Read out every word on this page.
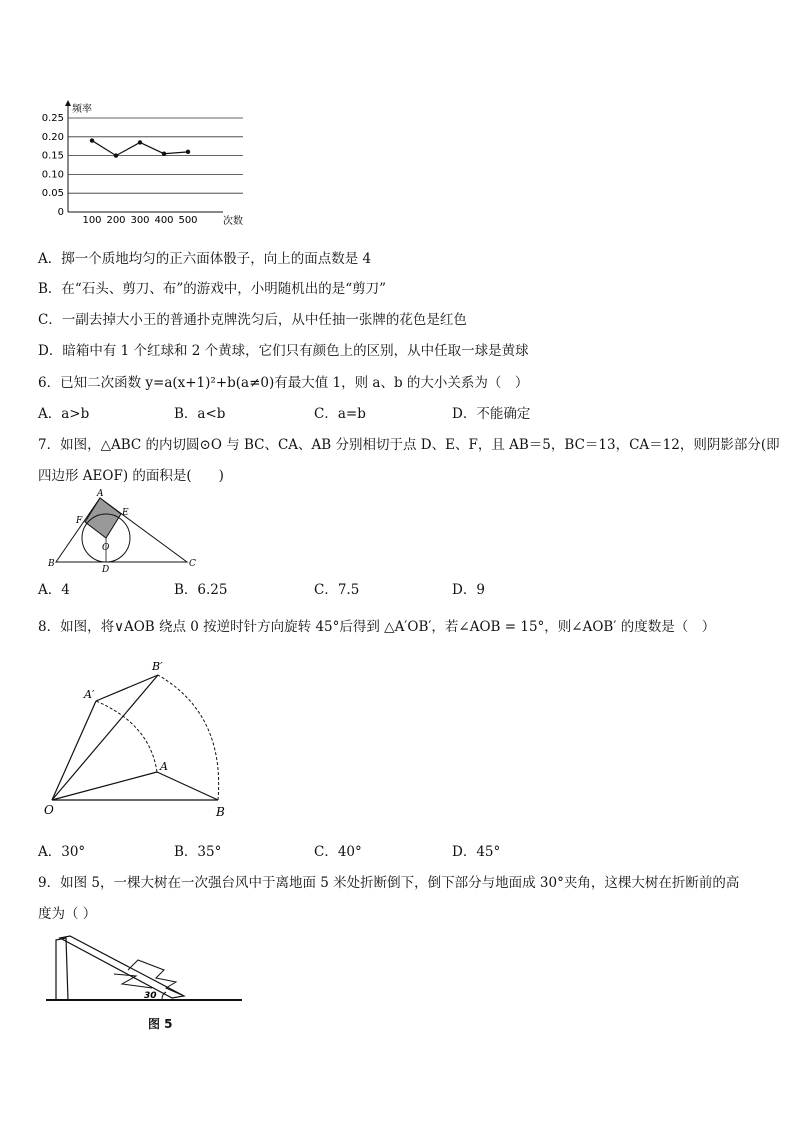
0.25
0.20
0.15
0.10
0.05
0
100 200 300 400 500	次数
频率
A．掷一个质地均匀的正六面体骰子，向上的面点数是 4
B．在“石头、剪刀、布”的游戏中，小明随机出的是“剪刀”
C．一副去掉大小王的普通扑克牌洗匀后，从中任抽一张牌的花色是红色
D．暗箱中有 1 个红球和 2 个黄球，它们只有颜色上的区别，从中任取一球是黄球
6．已知二次函数 y=a(x+1)²+b(a≠0)有最大值 1，则 a、b 的大小关系为（　）
A．a>b	B．a<b	C．a=b	D．不能确定
7．如图，△ABC 的内切圆⊙O 与 BC、CA、AB 分别相切于点 D、E、F，且 AB＝5，BC＝13，CA＝12，则阴影部分(即
四边形 AEOF) 的面积是(　　)
A
E
F
O
B
D
C
A．4	B．6.25	C．7.5	D．9
8．如图，将∨AOB 绕点 0 按逆时针方向旋转 45°后得到 △A′OB′，若∠AOB = 15°，则∠AOB′ 的度数是（　）
O	B
A
A′
B′
A．30°	B．35°	C．40°	D．45°
9．如图 5，一棵大树在一次强台风中于离地面 5 米处折断倒下，倒下部分与地面成 30°夹角，这棵大树在折断前的高
度为（ ）
30
图 5
